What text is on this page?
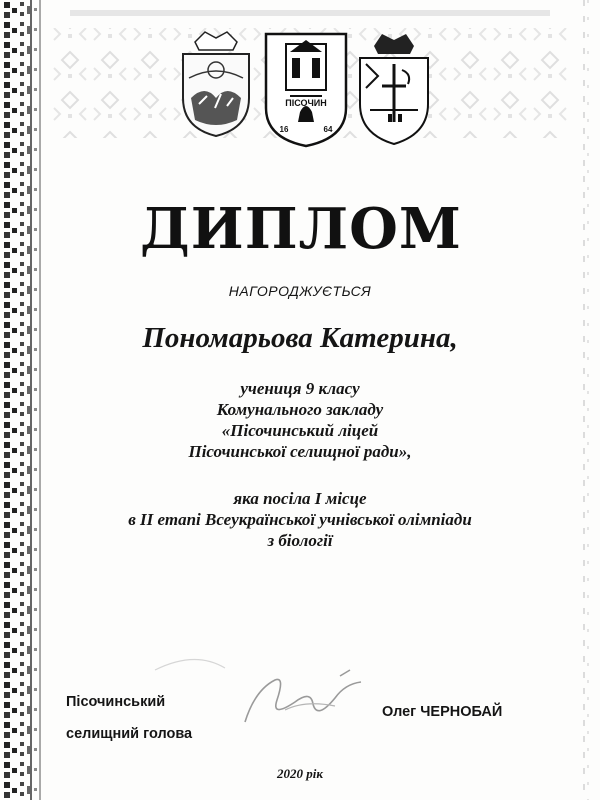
ПІСОЧИН
16	64
ДИПЛОМ
НАГОРОДЖУЄТЬСЯ
Пономарьова Катерина,
учениця 9 класу
Комунального закладу
«Пісочинський ліцей
Пісочинської селищної ради»,
яка посіла I місце
в II етапі Всеукраїнської учнівської олімпіади
з біології
Пісочинський
селищний голова
Олег ЧЕРНОБАЙ
2020 рік
